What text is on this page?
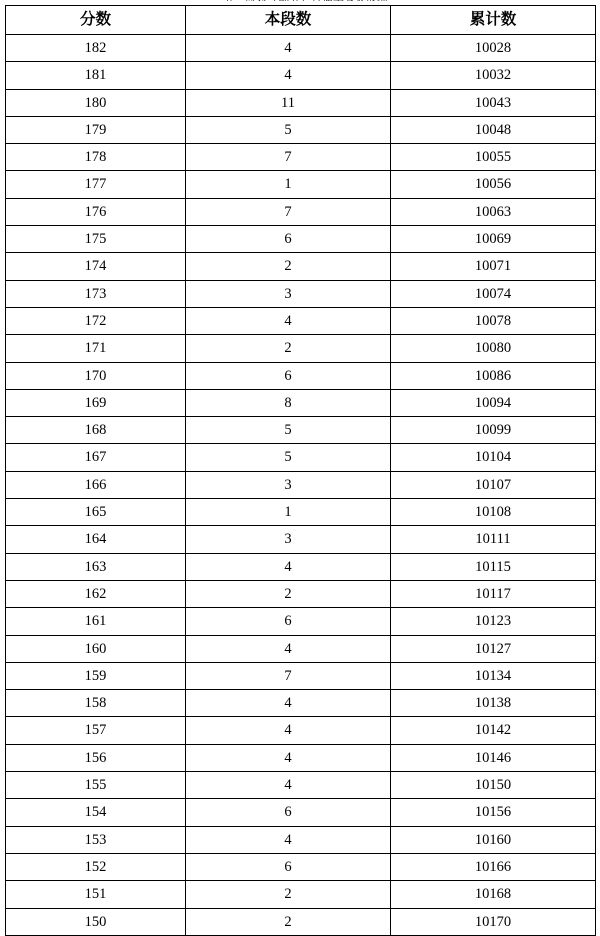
分数	本段数	累计数
182	4	10028
181	4	10032
180	11	10043
179	5	10048
178	7	10055
177	1	10056
176	7	10063
175	6	10069
174	2	10071
173	3	10074
172	4	10078
171	2	10080
170	6	10086
169	8	10094
168	5	10099
167	5	10104
166	3	10107
165	1	10108
164	3	10111
163	4	10115
162	2	10117
161	6	10123
160	4	10127
159	7	10134
158	4	10138
157	4	10142
156	4	10146
155	4	10150
154	6	10156
153	4	10160
152	6	10166
151	2	10168
150	2	10170
